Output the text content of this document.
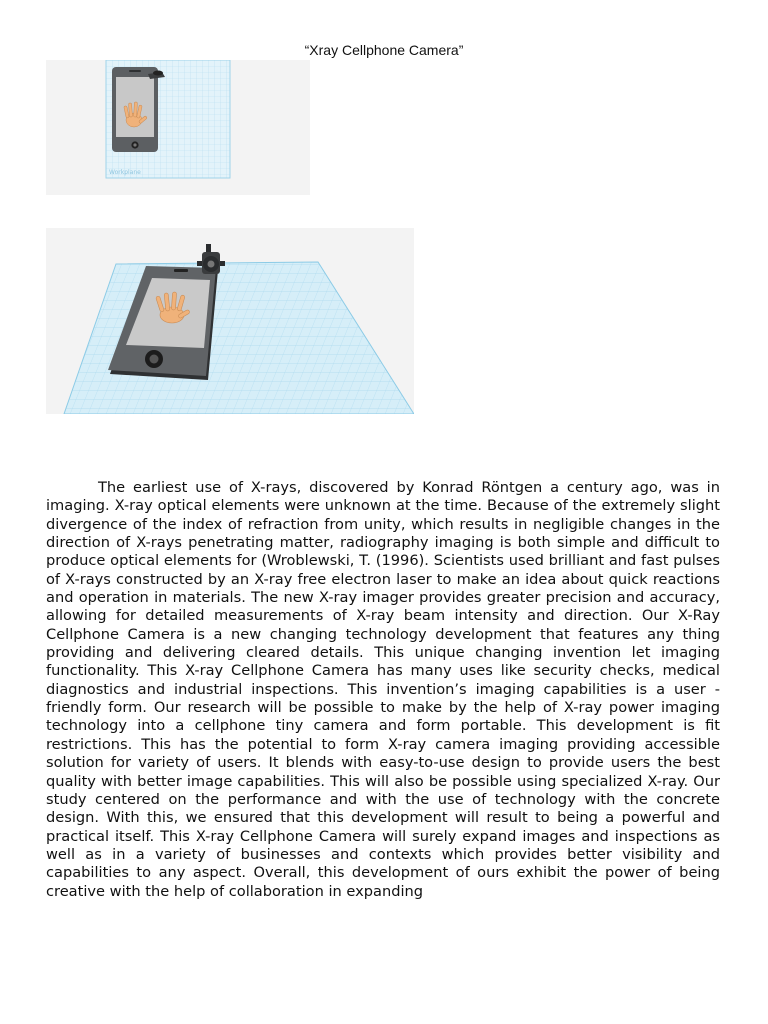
“Xray Cellphone Camera”
Workplane

The earliest use of X-rays, discovered by Konrad Röntgen a century ago, was in imaging. X-ray optical elements were unknown at the time. Because of the extremely slight divergence of the index of refraction from unity, which results in negligible changes in the direction of X-rays penetrating matter, radiography imaging is both simple and difficult to produce optical elements for (Wroblewski, T. (1996). Scientists used brilliant and fast pulses of X-rays constructed by an X-ray free electron laser to make an idea about quick reactions and operation in materials. The new X-ray imager provides greater precision and accuracy, allowing for detailed measurements of X-ray beam intensity and direction. Our X-Ray Cellphone Camera is a new changing technology development that features any thing providing and delivering cleared details. This unique changing invention let imaging functionality. This X-ray Cellphone Camera has many uses like security checks, medical diagnostics and industrial inspections. This invention’s imaging capabilities is a user - friendly form. Our research will be possible to make by the help of X-ray power imaging technology into a cellphone tiny camera and form portable. This development is fit restrictions. This has the potential to form X-ray camera imaging providing accessible solution for variety of users. It blends with easy-to-use design to provide users the best quality with better image capabilities. This will also be possible using specialized X-ray. Our study centered on the performance and with the use of technology with the concrete design. With this, we ensured that this development will result to being a powerful and practical itself. This X-ray Cellphone Camera will surely expand images and inspections as well as in a variety of businesses and contexts which provides better visibility and capabilities to any aspect. Overall, this development of ours exhibit the power of being creative with the help of collaboration in expanding
